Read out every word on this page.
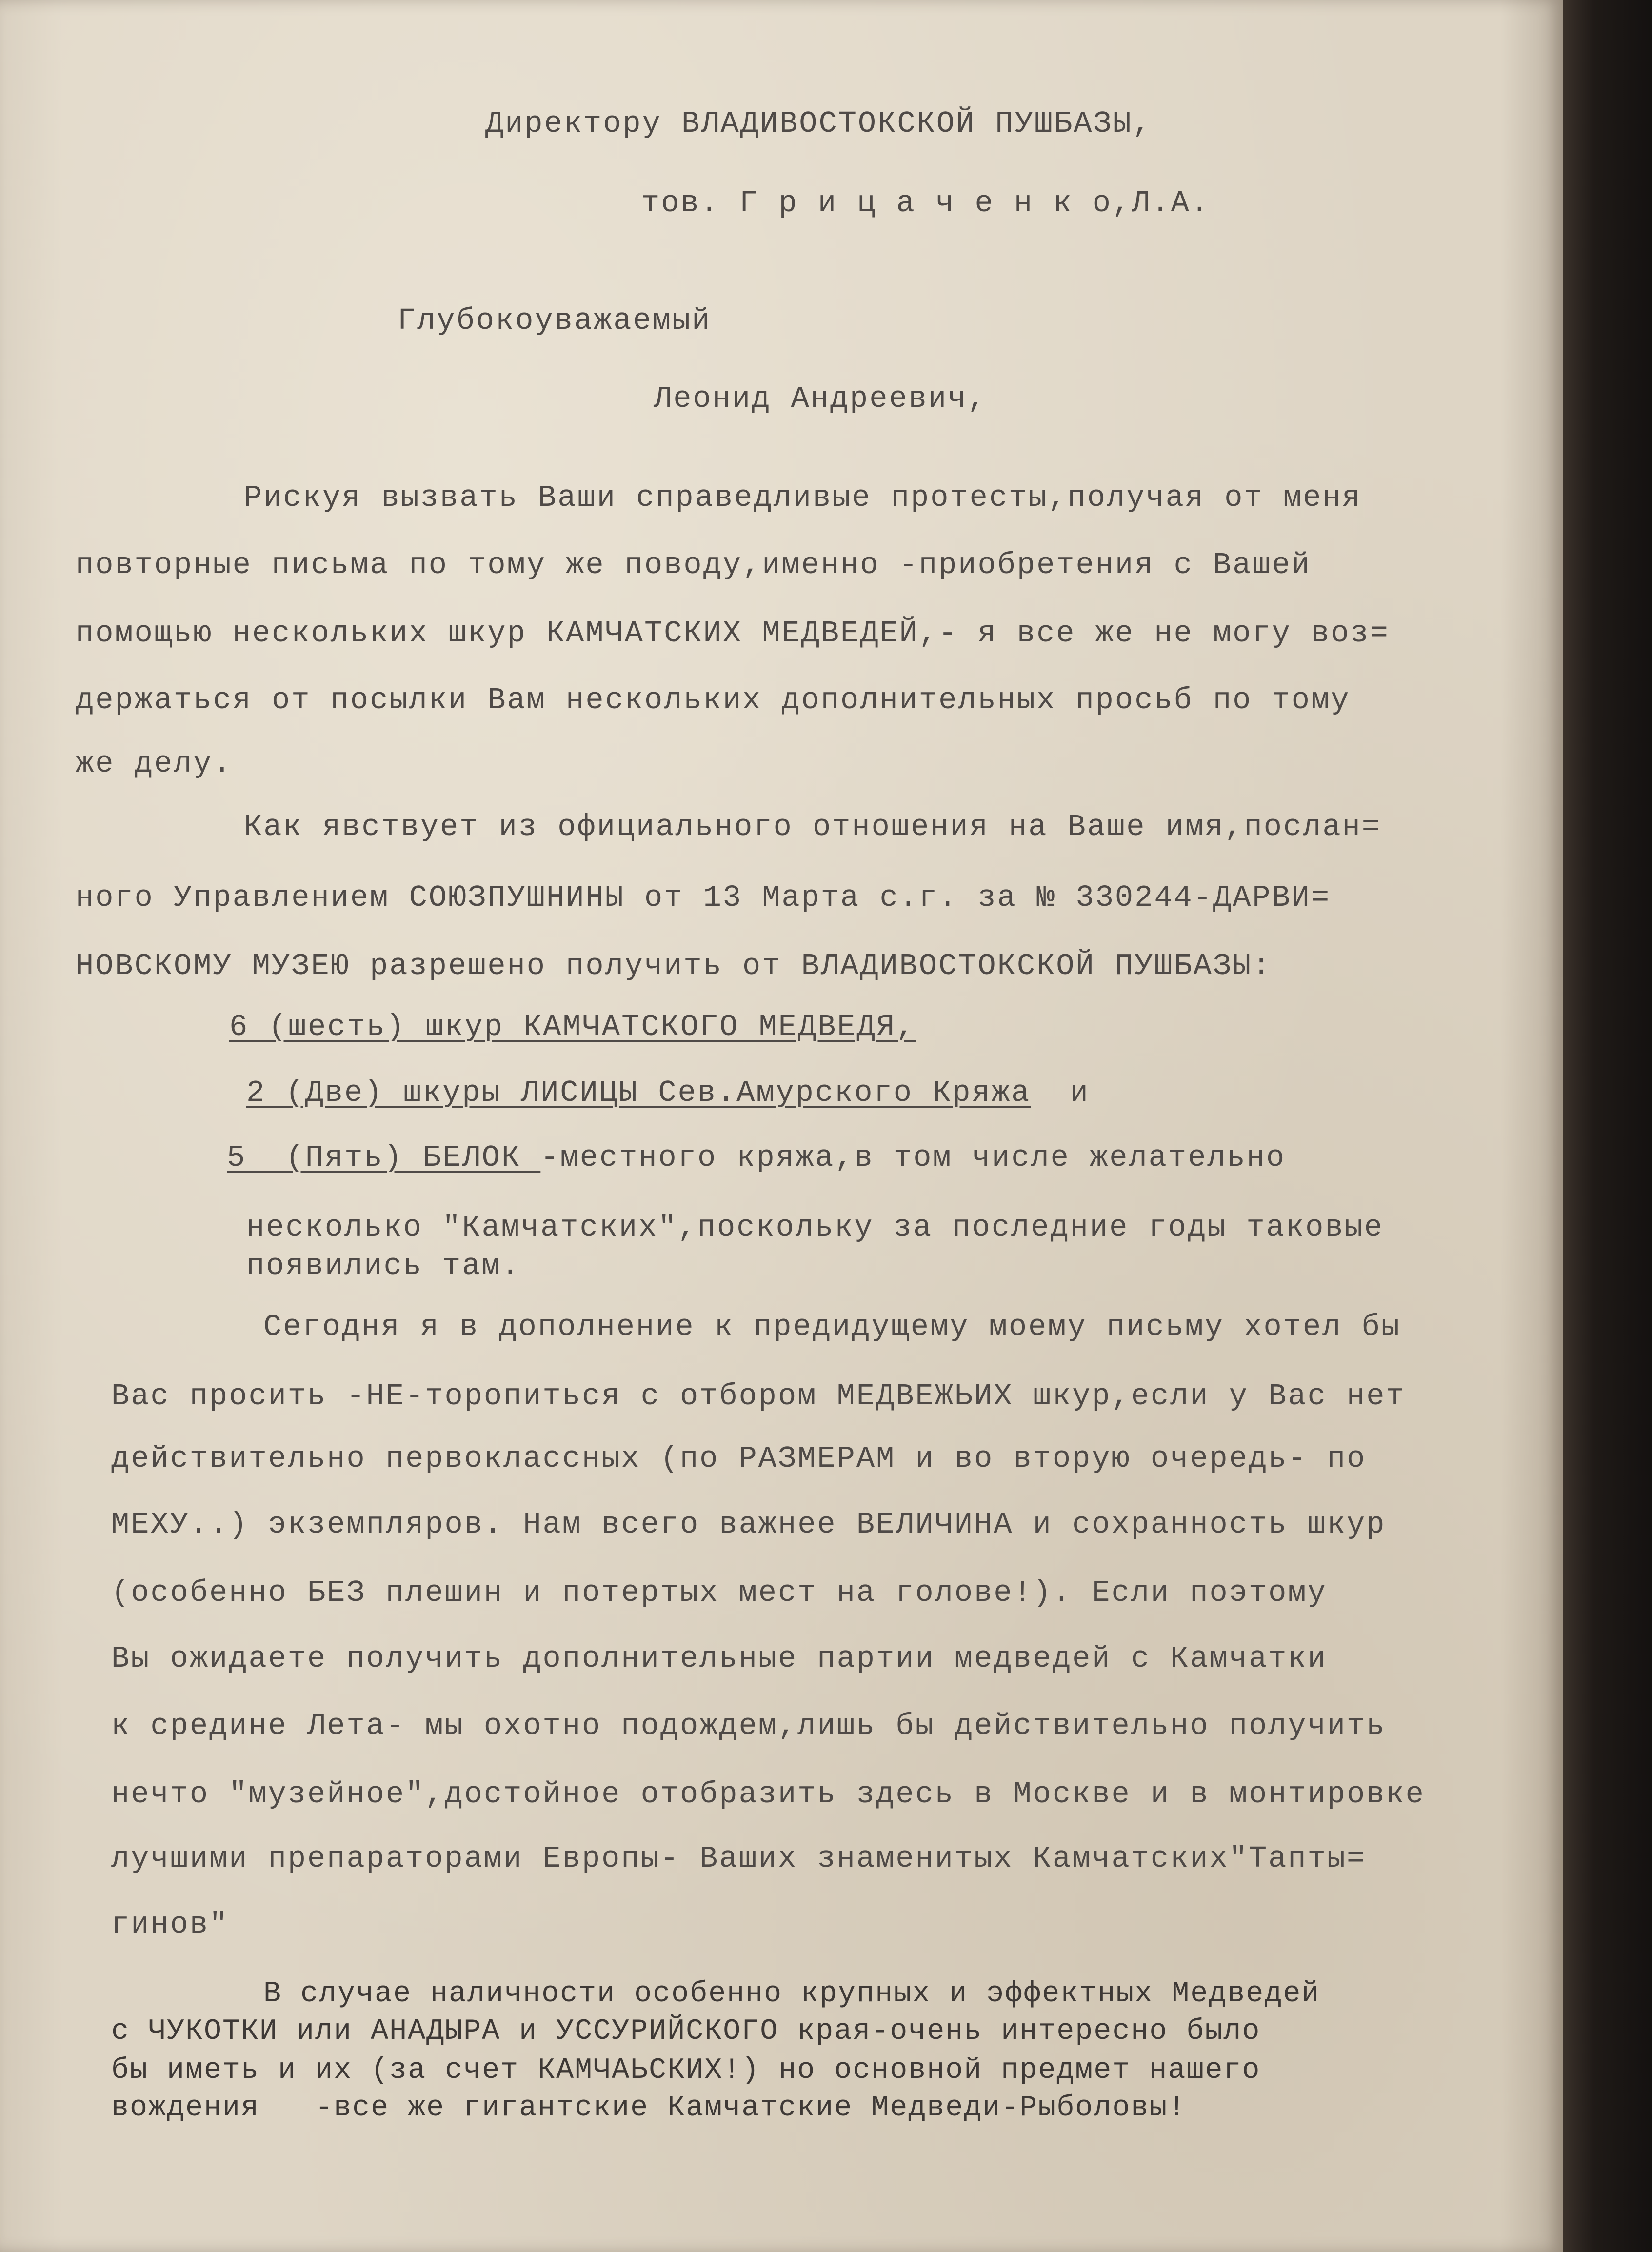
Директору ВЛАДИВОСТОКСКОЙ ПУШБАЗЫ,

тов. Г р и ц а ч е н к о,Л.А.

Глубокоуважаемый

Леонид Андреевич,

Рискуя вызвать Ваши справедливые протесты,получая от меня

повторные письма по тому же поводу,именно -приобретения с Вашей

помощью нескольких шкур КАМЧАТСКИХ МЕДВЕДЕЙ,- я все же не могу воз=

держаться от посылки Вам нескольких дополнительных просьб по тому

же делу.

Как явствует из официального отношения на Ваше имя,послан=

ного Управлением СОЮЗПУШНИНЫ от 13 Марта с.г. за № 330244-ДАРВИ=

НОВСКОМУ МУЗЕЮ разрешено получить от ВЛАДИВОСТОКСКОЙ ПУШБАЗЫ:

6 (шесть) шкур КАМЧАТСКОГО МЕДВЕДЯ,

2 (Две) шкуры ЛИСИЦЫ Сев.Амурского Кряжа  и

5  (Пять) БЕЛОК -местного кряжа,в том числе желательно

несколько "Камчатских",поскольку за последние годы таковые

появились там.

Сегодня я в дополнение к предидущему моему письму хотел бы

Вас просить -НЕ-торопиться с отбором МЕДВЕЖЬИХ шкур,если у Вас нет

действительно первоклассных (по РАЗМЕРАМ и во вторую очередь- по

МЕХУ..) экземпляров. Нам всего важнее ВЕЛИЧИНА и сохранность шкур

(особенно БЕЗ плешин и потертых мест на голове!). Если поэтому

Вы ожидаете получить дополнительные партии медведей с Камчатки

к средине Лета- мы охотно подождем,лишь бы действительно получить

нечто "музейное",достойное отобразить здесь в Москве и в монтировке

лучшими препараторами Европы- Ваших знаменитых Камчатских"Тапты=

гинов"

В случае наличности особенно крупных и эффектных Медведей

с ЧУКОТКИ или АНАДЫРА и УССУРИЙСКОГО края-очень интересно было

бы иметь и их (за счет КАМЧАЬСКИХ!) но основной предмет нашего

вождения   -все же гигантские Камчатские Медведи-Рыболовы!
